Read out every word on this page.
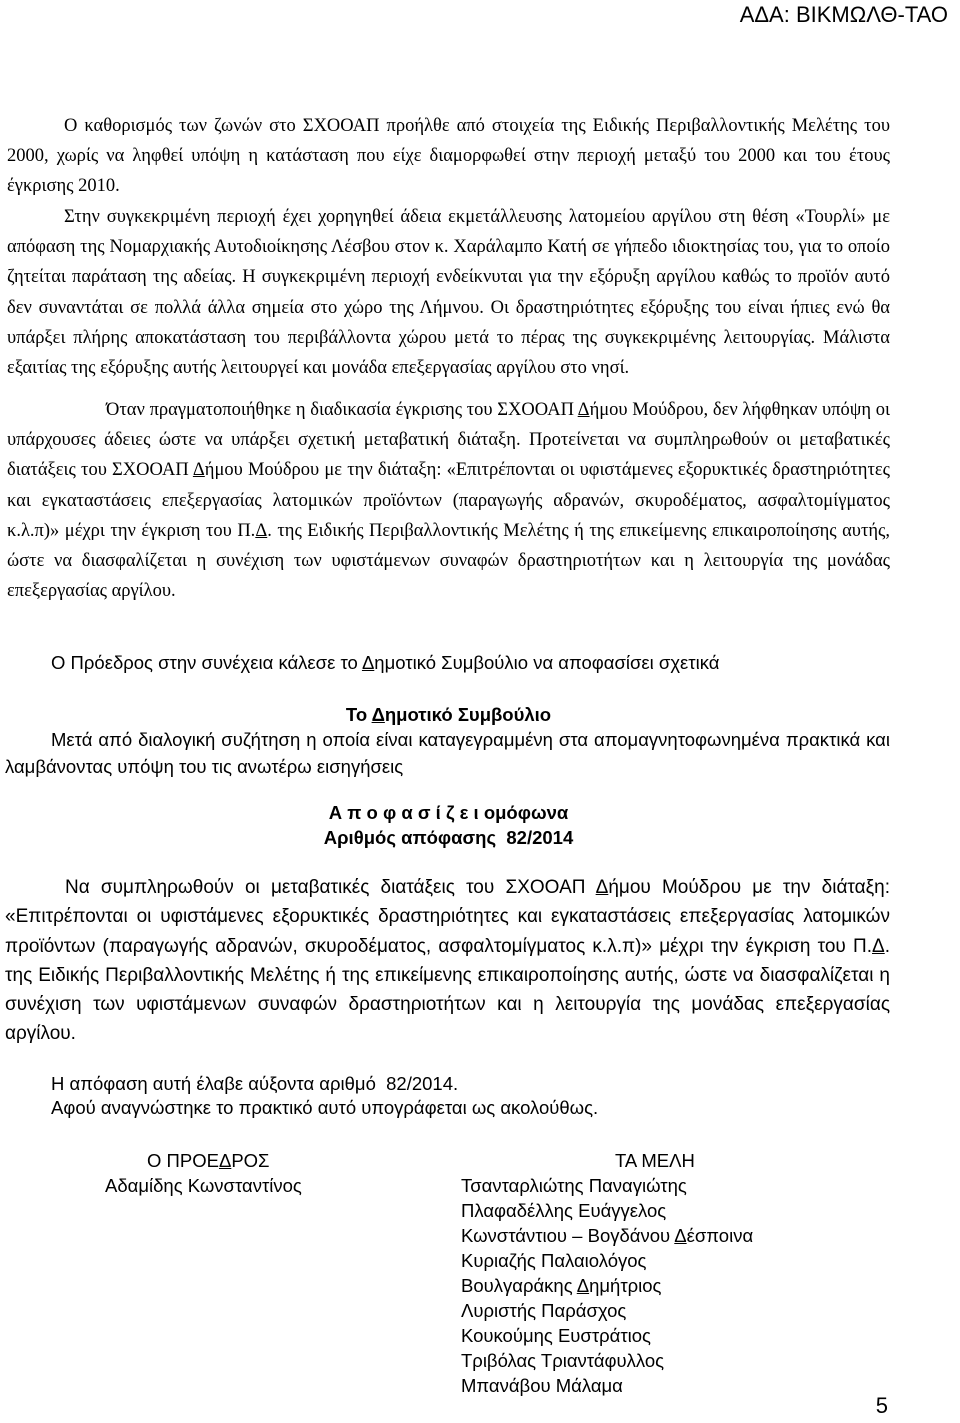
ΑΔΑ: ΒΙΚΜΩΛΘ-ΤΑΟ

Ο καθορισμός των ζωνών στο ΣΧΟΟΑΠ προήλθε από στοιχεία της Ειδικής Περιβαλλοντικής Μελέτης του 2000, χωρίς να ληφθεί υπόψη η κατάσταση που είχε διαμορφωθεί στην περιοχή μεταξύ του 2000 και του έτους έγκρισης 2010.

Στην συγκεκριμένη περιοχή έχει χορηγηθεί άδεια εκμετάλλευσης λατομείου αργίλου στη θέση «Τουρλί» με απόφαση της Νομαρχιακής Αυτοδιοίκησης Λέσβου στον κ. Χαράλαμπο Κατή σε γήπεδο ιδιοκτησίας του, για το οποίο ζητείται παράταση της αδείας. Η συγκεκριμένη περιοχή ενδείκνυται για την εξόρυξη αργίλου καθώς το προϊόν αυτό δεν συναντάται σε πολλά άλλα σημεία στο χώρο της Λήμνου. Οι δραστηριότητες εξόρυξης του είναι ήπιες ενώ θα υπάρξει πλήρης αποκατάσταση του περιβάλλοντα χώρου μετά το πέρας της συγκεκριμένης λειτουργίας. Μάλιστα εξαιτίας της εξόρυξης αυτής λειτουργεί και μονάδα επεξεργασίας αργίλου στο νησί.

Όταν πραγματοποιήθηκε η διαδικασία έγκρισης του ΣΧΟΟΑΠ Δήμου Μούδρου, δεν λήφθηκαν υπόψη οι υπάρχουσες άδειες ώστε να υπάρξει σχετική μεταβατική διάταξη. Προτείνεται να συμπληρωθούν οι μεταβατικές διατάξεις του ΣΧΟΟΑΠ Δήμου Μούδρου με την διάταξη: «Επιτρέπονται οι υφιστάμενες εξορυκτικές δραστηριότητες και εγκαταστάσεις επεξεργασίας λατομικών προϊόντων (παραγωγής αδρανών, σκυροδέματος, ασφαλτομίγματος κ.λ.π)» μέχρι την έγκριση του Π.Δ. της Ειδικής Περιβαλλοντικής Μελέτης ή της επικείμενης επικαιροποίησης αυτής, ώστε να διασφαλίζεται η συνέχιση των υφιστάμενων συναφών δραστηριοτήτων και η λειτουργία της μονάδας επεξεργασίας αργίλου.

Ο Πρόεδρος στην συνέχεια κάλεσε το Δημοτικό Συμβούλιο να αποφασίσει σχετικά
Το Δημοτικό Συμβούλιο

Μετά από διαλογική συζήτηση η οποία είναι καταγεγραμμένη στα απομαγνητοφωνημένα πρακτικά και λαμβάνοντας υπόψη του τις ανωτέρω εισηγήσεις

Α π ο φ α σ ί ζ ε ι ομόφωνα
Αριθμός απόφασης  82/2014

Να συμπληρωθούν οι μεταβατικές διατάξεις του ΣΧΟΟΑΠ Δήμου Μούδρου με την διάταξη: «Επιτρέπονται οι υφιστάμενες εξορυκτικές δραστηριότητες και εγκαταστάσεις επεξεργασίας λατομικών προϊόντων (παραγωγής αδρανών, σκυροδέματος, ασφαλτομίγματος κ.λ.π)» μέχρι την έγκριση του Π.Δ. της Ειδικής Περιβαλλοντικής Μελέτης ή της επικείμενης επικαιροποίησης αυτής, ώστε να διασφαλίζεται η συνέχιση των υφιστάμενων συναφών δραστηριοτήτων και η λειτουργία της μονάδας επεξεργασίας αργίλου.

Η απόφαση αυτή έλαβε αύξοντα αριθμό  82/2014.
Αφού αναγνώστηκε το πρακτικό αυτό υπογράφεται ως ακολούθως.
Ο ΠΡΟΕΔΡΟΣ
Αδαμίδης Κωνσταντίνος
ΤΑ ΜΕΛΗ
Τσανταρλιώτης Παναγιώτης
Πλαφαδέλλης Ευάγγελος
Κωνστάντιου – Βογδάνου Δέσποινα
Κυριαζής Παλαιολόγος
Βουλγαράκης Δημήτριος
Λυριστής Παράσχος
Κουκούμης Ευστράτιος
Τριβόλας Τριαντάφυλλος
Μπανάβου Μάλαμα
5
